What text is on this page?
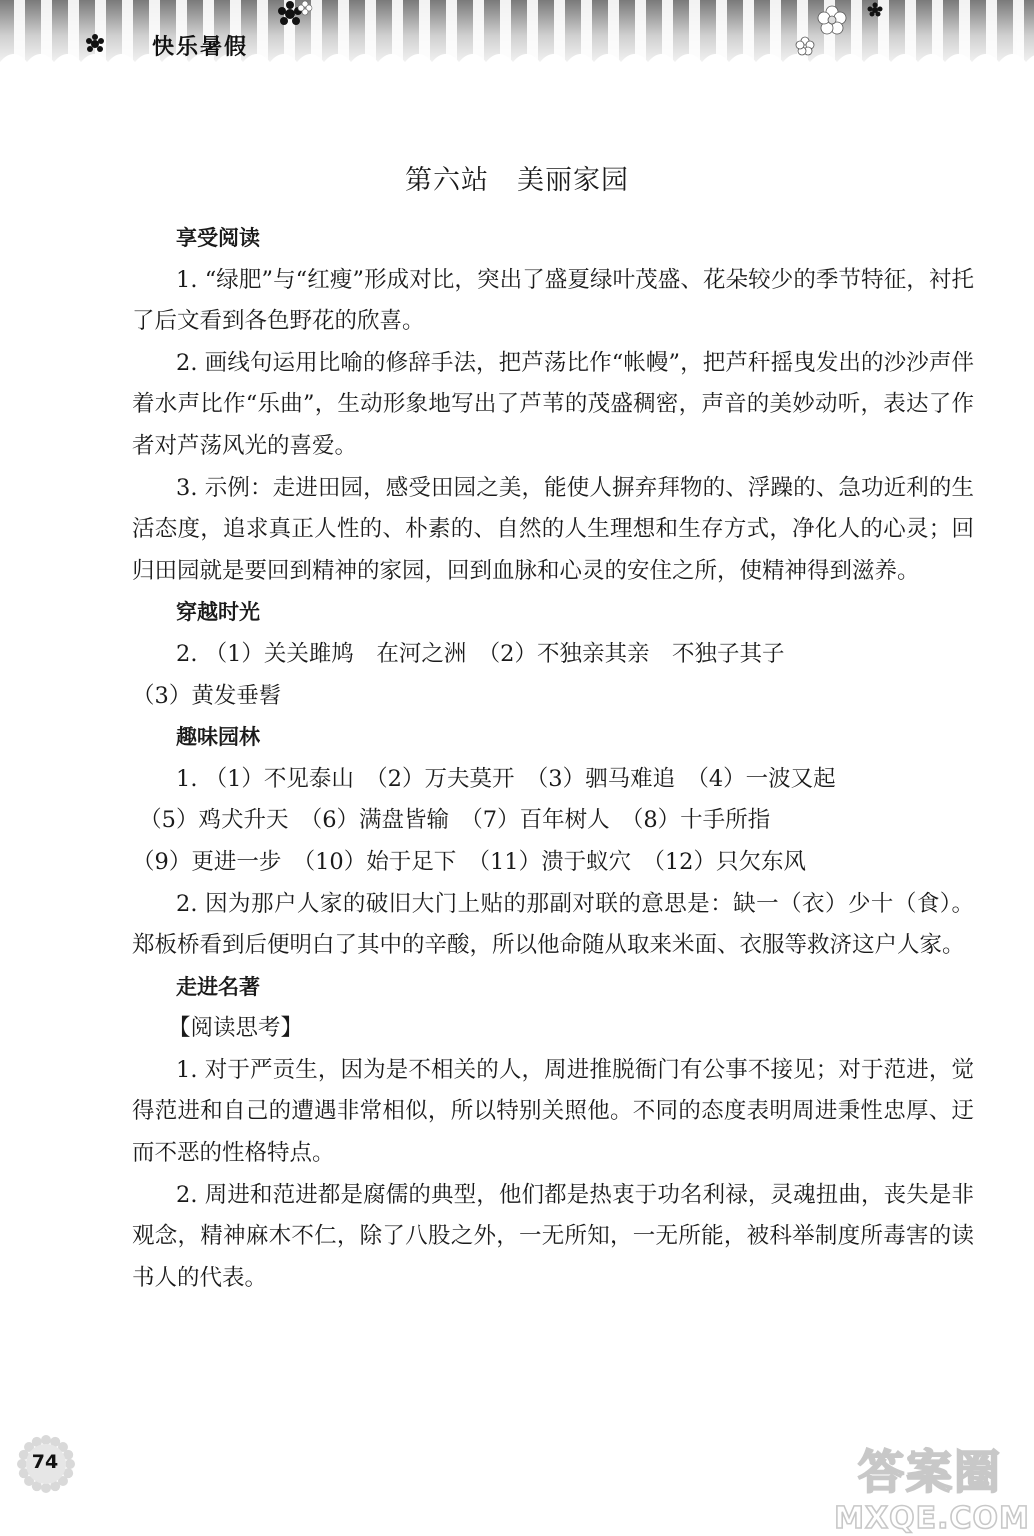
快乐暑假
第六站　美丽家园
享受阅读
1. “绿肥”与“红瘦”形成对比，突出了盛夏绿叶茂盛、花朵较少的季节特征，衬托了后文看到各色野花的欣喜。
2. 画线句运用比喻的修辞手法，把芦荡比作“帐幔”，把芦秆摇曳发出的沙沙声伴着水声比作“乐曲”，生动形象地写出了芦苇的茂盛稠密，声音的美妙动听，表达了作者对芦荡风光的喜爱。
3. 示例：走进田园，感受田园之美，能使人摒弃拜物的、浮躁的、急功近利的生活态度，追求真正人性的、朴素的、自然的人生理想和生存方式，净化人的心灵；回归田园就是要回到精神的家园，回到血脉和心灵的安住之所，使精神得到滋养。
穿越时光
2. （1）关关雎鸠　在河之洲　（2）不独亲其亲　不独子其子
（3）黄发垂髫
趣味园林
1. （1）不见泰山　（2）万夫莫开　（3）驷马难追　（4）一波又起
（5）鸡犬升天　（6）满盘皆输　（7）百年树人　（8）十手所指
（9）更进一步　（10）始于足下　（11）溃于蚁穴　（12）只欠东风
2. 因为那户人家的破旧大门上贴的那副对联的意思是：缺一（衣）少十（食）。郑板桥看到后便明白了其中的辛酸，所以他命随从取来米面、衣服等救济这户人家。
走进名著
【阅读思考】
1. 对于严贡生，因为是不相关的人，周进推脱衙门有公事不接见；对于范进，觉得范进和自己的遭遇非常相似，所以特别关照他。不同的态度表明周进秉性忠厚、迂而不恶的性格特点。
2. 周进和范进都是腐儒的典型，他们都是热衷于功名利禄，灵魂扭曲，丧失是非观念，精神麻木不仁，除了八股之外，一无所知，一无所能，被科举制度所毒害的读书人的代表。
74	答案圈
MXQE.COM
